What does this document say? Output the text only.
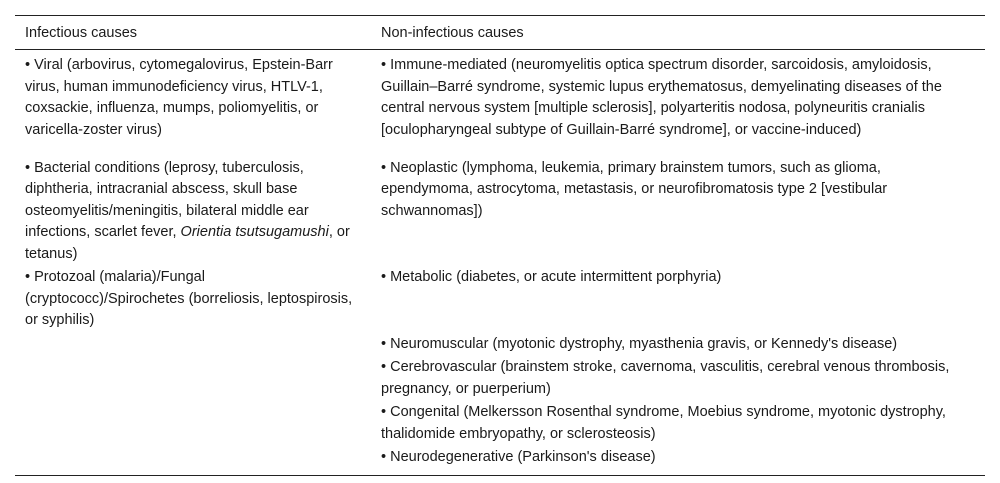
Infectious causes	Non-infectious causes
• Viral (arbovirus, cytomegalovirus, Epstein-Barr virus, human immunodeficiency virus, HTLV-1, coxsackie, influenza, mumps, poliomyelitis, or varicella-zoster virus)	• Immune-mediated (neuromyelitis optica spectrum disorder, sarcoidosis, amyloidosis, Guillain–Barré syndrome, systemic lupus erythematosus, demyelinating diseases of the central nervous system [multiple sclerosis], polyarteritis nodosa, polyneuritis cranialis [oculopharyngeal subtype of Guillain-Barré syndrome], or vaccine-induced)
• Bacterial conditions (leprosy, tuberculosis, diphtheria, intracranial abscess, skull base osteomyelitis/meningitis, bilateral middle ear infections, scarlet fever, Orientia tsutsugamushi, or tetanus)	• Neoplastic (lymphoma, leukemia, primary brainstem tumors, such as glioma, ependymoma, astrocytoma, metastasis, or neurofibromatosis type 2 [vestibular schwannomas])
• Protozoal (malaria)/Fungal (cryptococc)/Spirochetes (borreliosis, leptospirosis, or syphilis)	• Metabolic (diabetes, or acute intermittent porphyria)
	• Neuromuscular (myotonic dystrophy, myasthenia gravis, or Kennedy's disease)
	• Cerebrovascular (brainstem stroke, cavernoma, vasculitis, cerebral venous thrombosis, pregnancy, or puerperium)
	• Congenital (Melkersson Rosenthal syndrome, Moebius syndrome, myotonic dystrophy, thalidomide embryopathy, or sclerosteosis)
	• Neurodegenerative (Parkinson's disease)
